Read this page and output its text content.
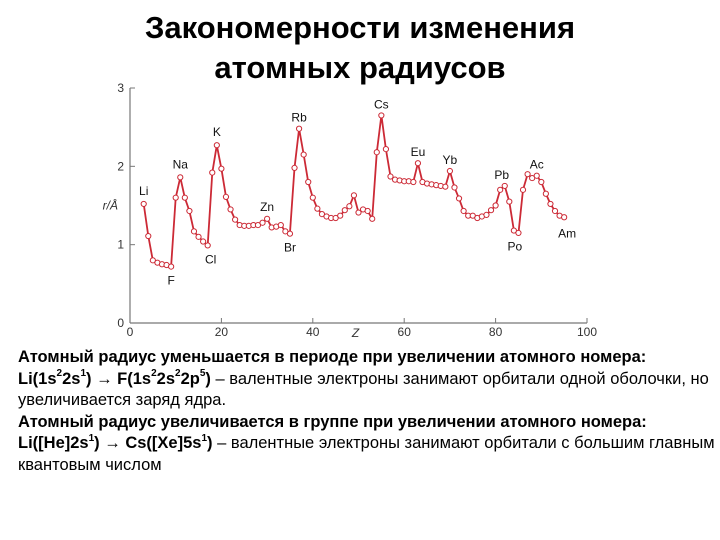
Закономерности изменения
атомных радиусов
0	20	40	60	80	100
0
1
2
3
Z
r/Å
Li
F
Na
Cl
K
Zn
Br
Rb
Cs
Eu
Yb
Pb
Po
Ac
Am

Атомный радиус уменьшается в периоде при увеличении атомного номера:

$Li(1s^22s^1) \to F(1s^22s^22p^5)$ – валентные электроны занимают орбитали одной оболочки, но увеличивается заряд ядра.

Атомный радиус увеличивается в группе при увеличении атомного номера:

$Li([He]2s^1) \to Cs([Xe]5s^1)$ – валентные электроны занимают орбитали с большим главным квантовым числом
